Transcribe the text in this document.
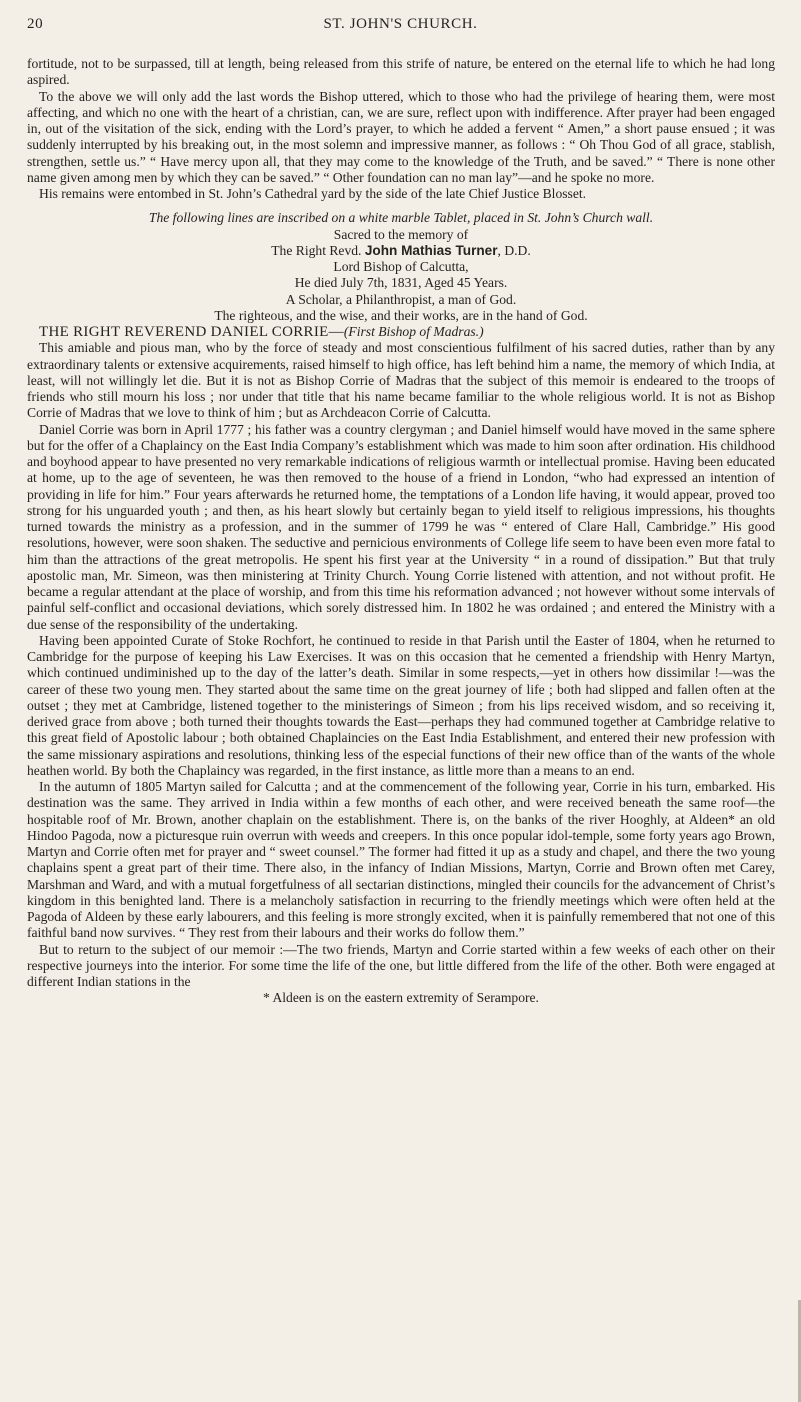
20	ST. JOHN'S CHURCH.

fortitude, not to be surpassed, till at length, being released from this strife of nature, be entered on the eternal life to which he had long aspired.

To the above we will only add the last words the Bishop uttered, which to those who had the privilege of hearing them, were most affecting, and which no one with the heart of a christian, can, we are sure, reflect upon with indifference. After prayer had been engaged in, out of the visitation of the sick, ending with the Lord’s prayer, to which he added a fervent “ Amen,” a short pause ensued ; it was suddenly interrupted by his breaking out, in the most solemn and impressive manner, as follows : “ Oh Thou God of all grace, stablish, strengthen, settle us.” “ Have mercy upon all, that they may come to the knowledge of the Truth, and be saved.” “ There is none other name given among men by which they can be saved.” “ Other foundation can no man lay”—and he spoke no more.

His remains were entombed in St. John’s Cathedral yard by the side of the late Chief Justice Blosset.

The following lines are inscribed on a white marble Tablet, placed in St. John’s Church wall.

Sacred to the memory of
The Right Revd. John Mathias Turner, D.D.
Lord Bishop of Calcutta,
He died July 7th, 1831, Aged 45 Years.
A Scholar, a Philanthropist, a man of God.
The righteous, and the wise, and their works, are in the hand of God.

THE RIGHT REVEREND DANIEL CORRIE—(First Bishop of Madras.)

This amiable and pious man, who by the force of steady and most conscientious fulfilment of his sacred duties, rather than by any extraordinary talents or extensive acquirements, raised himself to high office, has left behind him a name, the memory of which India, at least, will not willingly let die. But it is not as Bishop Corrie of Madras that the subject of this memoir is endeared to the troops of friends who still mourn his loss ; nor under that title that his name became familiar to the whole religious world. It is not as Bishop Corrie of Madras that we love to think of him ; but as Archdeacon Corrie of Calcutta.

Daniel Corrie was born in April 1777 ; his father was a country clergyman ; and Daniel himself would have moved in the same sphere but for the offer of a Chaplaincy on the East India Company’s establishment which was made to him soon after ordination. His childhood and boyhood appear to have presented no very remarkable indications of religious warmth or intellectual promise. Having been educated at home, up to the age of seventeen, he was then removed to the house of a friend in London, “who had expressed an intention of providing in life for him.” Four years afterwards he returned home, the temptations of a London life having, it would appear, proved too strong for his unguarded youth ; and then, as his heart slowly but certainly began to yield itself to religious impressions, his thoughts turned towards the ministry as a profession, and in the summer of 1799 he was “ entered of Clare Hall, Cambridge.” His good resolutions, however, were soon shaken. The seductive and pernicious environments of College life seem to have been even more fatal to him than the attractions of the great metropolis. He spent his first year at the University “ in a round of dissipation.” But that truly apostolic man, Mr. Simeon, was then ministering at Trinity Church. Young Corrie listened with attention, and not without profit. He became a regular attendant at the place of worship, and from this time his reformation advanced ; not however without some intervals of painful self-conflict and occasional deviations, which sorely distressed him. In 1802 he was ordained ; and entered the Ministry with a due sense of the responsibility of the undertaking.

Having been appointed Curate of Stoke Rochfort, he continued to reside in that Parish until the Easter of 1804, when he returned to Cambridge for the purpose of keeping his Law Exercises. It was on this occasion that he cemented a friendship with Henry Martyn, which continued undiminished up to the day of the latter’s death. Similar in some respects,—yet in others how dissimilar !—was the career of these two young men. They started about the same time on the great journey of life ; both had slipped and fallen often at the outset ; they met at Cambridge, listened together to the ministerings of Simeon ; from his lips received wisdom, and so receiving it, derived grace from above ; both turned their thoughts towards the East—perhaps they had communed together at Cambridge relative to this great field of Apostolic labour ; both obtained Chaplaincies on the East India Establishment, and entered their new profession with the same missionary aspirations and resolutions, thinking less of the especial functions of their new office than of the wants of the whole heathen world. By both the Chaplaincy was regarded, in the first instance, as little more than a means to an end.

In the autumn of 1805 Martyn sailed for Calcutta ; and at the commencement of the following year, Corrie in his turn, embarked. His destination was the same. They arrived in India within a few months of each other, and were received beneath the same roof—the hospitable roof of Mr. Brown, another chaplain on the establishment. There is, on the banks of the river Hooghly, at Aldeen* an old Hindoo Pagoda, now a picturesque ruin overrun with weeds and creepers. In this once popular idol-temple, some forty years ago Brown, Martyn and Corrie often met for prayer and “ sweet counsel.” The former had fitted it up as a study and chapel, and there the two young chaplains spent a great part of their time. There also, in the infancy of Indian Missions, Martyn, Corrie and Brown often met Carey, Marshman and Ward, and with a mutual forgetfulness of all sectarian distinctions, mingled their councils for the advancement of Christ’s kingdom in this benighted land. There is a melancholy satisfaction in recurring to the friendly meetings which were often held at the Pagoda of Aldeen by these early labourers, and this feeling is more strongly excited, when it is painfully remembered that not one of this faithful band now survives. “ They rest from their labours and their works do follow them.”

But to return to the subject of our memoir :—The two friends, Martyn and Corrie started within a few weeks of each other on their respective journeys into the interior. For some time the life of the one, but little differed from the life of the other. Both were engaged at different Indian stations in the

* Aldeen is on the eastern extremity of Serampore.
